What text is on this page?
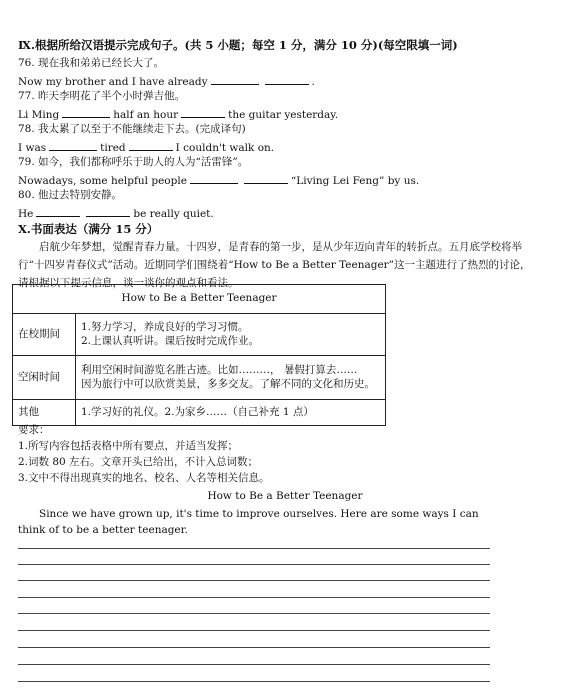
Ⅸ.根据所给汉语提示完成句子。(共 5 小题；每空 1 分，满分 10 分)(每空限填一词)
76. 现在我和弟弟已经长大了。
Now my brother and I have already	.
77. 昨天李明花了半个小时弹吉他。
Li Ming	half an hour	the guitar yesterday.
78. 我太累了以至于不能继续走下去。(完成译句)
I was	tired	I couldn't walk on.
79. 如今，我们都称呼乐于助人的人为“活雷锋”。
Nowadays, some helpful people	“Living Lei Feng” by us.
80. 他过去特别安静。
He	be really quiet.
X.书面表达（满分 15 分）
启航少年梦想，觉醒青春力量。十四岁，是青春的第一步，是从少年迈向青年的转折点。五月底学校将举行“十四岁青春仪式”活动。近期同学们围绕着“How to Be a Better Teenager”这一主题进行了热烈的讨论，请根据以下提示信息，谈一谈你的观点和看法。
How to Be a Better Teenager	
在校期间	1.努力学习，养成良好的学习习惯。
2.上课认真听讲。课后按时完成作业。

空闲时间	利用空闲时间游览名胜古迹。比如………， 暑假打算去……
因为旅行中可以欣赏美景，多多交友。了解不同的文化和历史。

其他	1.学习好的礼仪。2.为家乡……（自己补充 1 点）
要求：
1.所写内容包括表格中所有要点，并适当发挥；
2.词数 80 左右。文章开头已给出，不计入总词数；
3.文中不得出现真实的地名、校名、人名等相关信息。
How to Be a Better Teenager
Since we have grown up, it's time to improve ourselves. Here are some ways I can think of to be a better teenager.
